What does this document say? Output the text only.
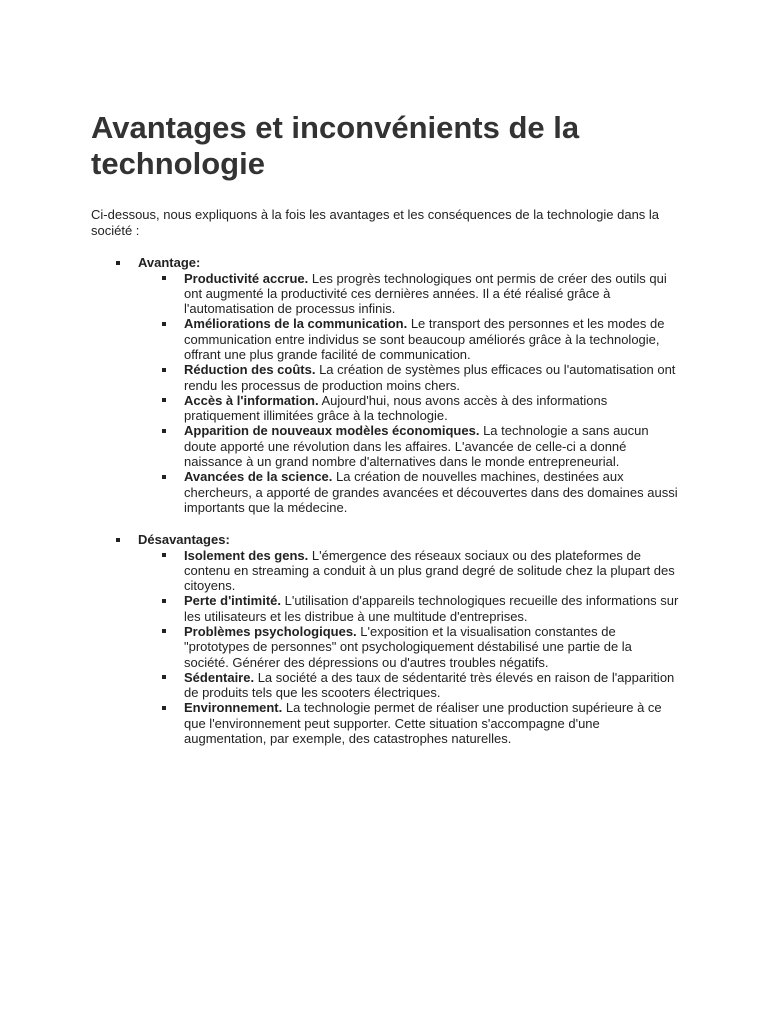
Avantages et inconvénients de la technologie

Ci-dessous, nous expliquons à la fois les avantages et les conséquences de la technologie dans la société :

Avantage:
Productivité accrue. Les progrès technologiques ont permis de créer des outils qui ont augmenté la productivité ces dernières années. Il a été réalisé grâce à l'automatisation de processus infinis.
Améliorations de la communication. Le transport des personnes et les modes de communication entre individus se sont beaucoup améliorés grâce à la technologie, offrant une plus grande facilité de communication.
Réduction des coûts. La création de systèmes plus efficaces ou l'automatisation ont rendu les processus de production moins chers.
Accès à l'information. Aujourd'hui, nous avons accès à des informations pratiquement illimitées grâce à la technologie.
Apparition de nouveaux modèles économiques. La technologie a sans aucun doute apporté une révolution dans les affaires. L'avancée de celle-ci a donné naissance à un grand nombre d'alternatives dans le monde entrepreneurial.
Avancées de la science. La création de nouvelles machines, destinées aux chercheurs, a apporté de grandes avancées et découvertes dans des domaines aussi importants que la médecine.
Désavantages:
Isolement des gens. L'émergence des réseaux sociaux ou des plateformes de contenu en streaming a conduit à un plus grand degré de solitude chez la plupart des citoyens.
Perte d'intimité. L'utilisation d'appareils technologiques recueille des informations sur les utilisateurs et les distribue à une multitude d'entreprises.
Problèmes psychologiques. L'exposition et la visualisation constantes de "prototypes de personnes" ont psychologiquement déstabilisé une partie de la société. Générer des dépressions ou d'autres troubles négatifs.
Sédentaire. La société a des taux de sédentarité très élevés en raison de l'apparition de produits tels que les scooters électriques.
Environnement. La technologie permet de réaliser une production supérieure à ce que l'environnement peut supporter. Cette situation s'accompagne d'une augmentation, par exemple, des catastrophes naturelles.
